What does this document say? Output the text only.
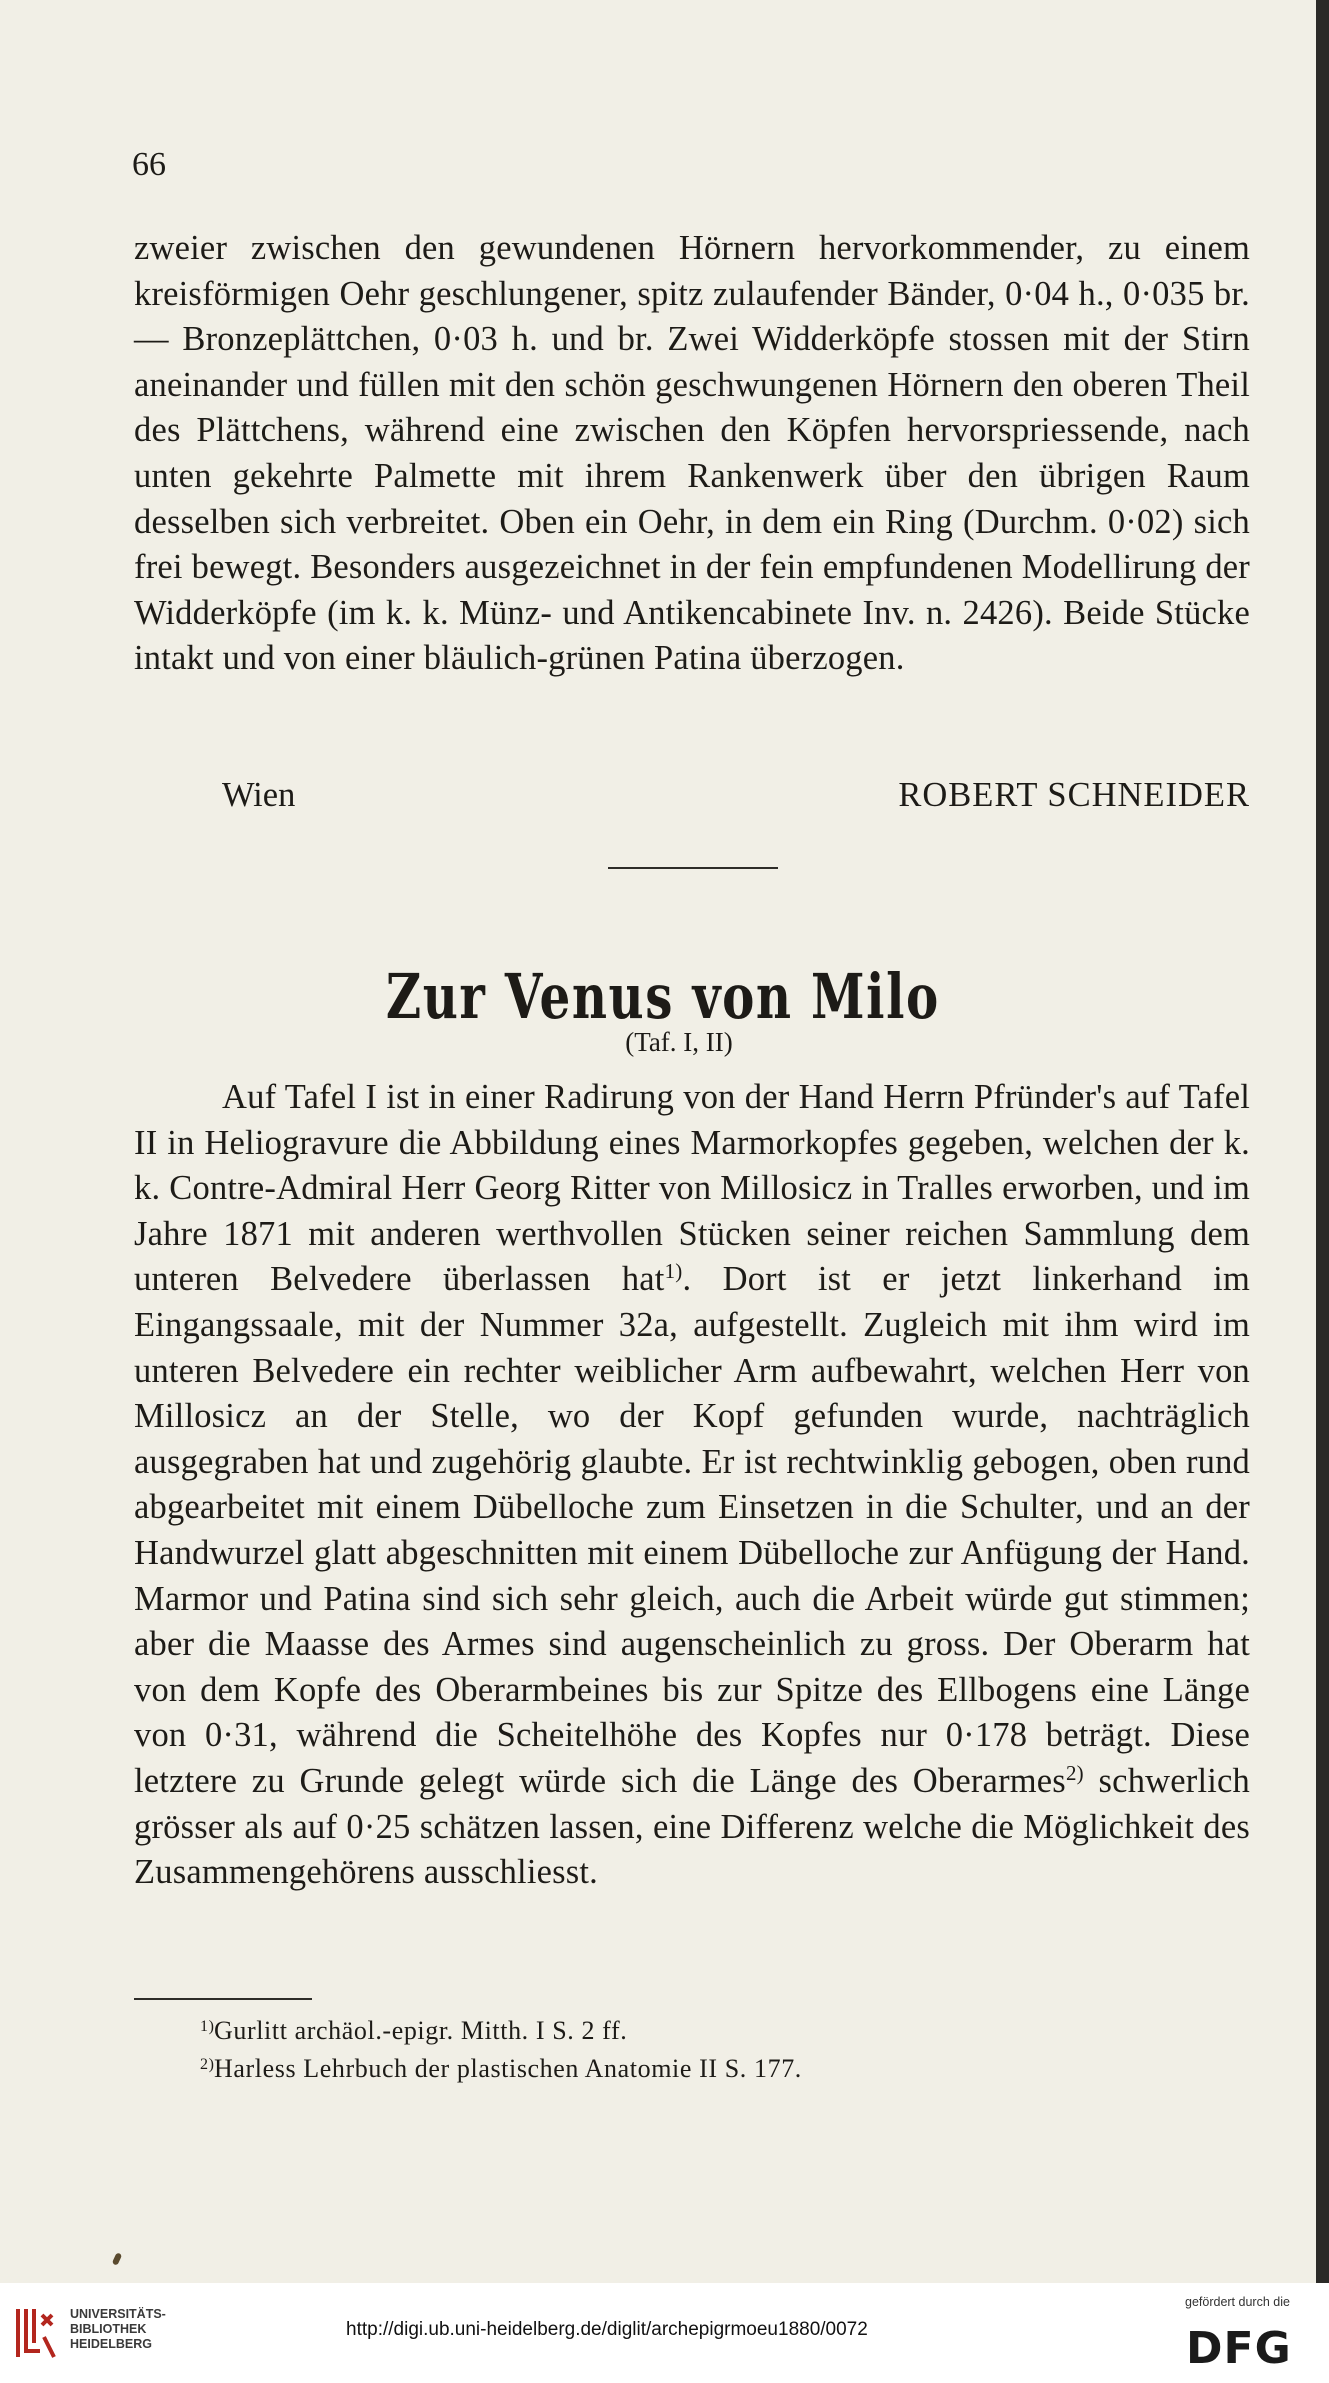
66

zweier zwischen den gewundenen Hörnern hervorkommender, zu einem kreisförmigen Oehr geschlungener, spitz zulaufender Bänder, 0·04 h., 0·035 br. — Bronzeplättchen, 0·03 h. und br. Zwei Widderköpfe stossen mit der Stirn aneinander und füllen mit den schön geschwungenen Hörnern den oberen Theil des Plättchens, während eine zwischen den Köpfen hervorspriessende, nach unten gekehrte Palmette mit ihrem Rankenwerk über den übrigen Raum desselben sich verbreitet. Oben ein Oehr, in dem ein Ring (Durchm. 0·02) sich frei bewegt. Besonders ausgezeichnet in der fein empfundenen Modellirung der Widderköpfe (im k. k. Münz- und Antikencabinete Inv. n. 2426). Beide Stücke intakt und von einer bläulich-grünen Patina überzogen.

Wien	ROBERT SCHNEIDER
Zur Venus von Milo
(Taf. I, II)

Auf Tafel I ist in einer Radirung von der Hand Herrn Pfründer's auf Tafel II in Heliogravure die Abbildung eines Marmorkopfes gegeben, welchen der k. k. Contre-Admiral Herr Georg Ritter von Millosicz in Tralles erworben, und im Jahre 1871 mit anderen werthvollen Stücken seiner reichen Sammlung dem unteren Belvedere überlassen hat$^{1)}$. Dort ist er jetzt linkerhand im Eingangssaale, mit der Nummer 32a, aufgestellt. Zugleich mit ihm wird im unteren Belvedere ein rechter weiblicher Arm aufbewahrt, welchen Herr von Millosicz an der Stelle, wo der Kopf gefunden wurde, nachträglich ausgegraben hat und zugehörig glaubte. Er ist rechtwinklig gebogen, oben rund abgearbeitet mit einem Dübelloche zum Einsetzen in die Schulter, und an der Handwurzel glatt abgeschnitten mit einem Dübelloche zur Anfügung der Hand. Marmor und Patina sind sich sehr gleich, auch die Arbeit würde gut stimmen; aber die Maasse des Armes sind augenscheinlich zu gross. Der Oberarm hat von dem Kopfe des Oberarmbeines bis zur Spitze des Ellbogens eine Länge von 0·31, während die Scheitelhöhe des Kopfes nur 0·178 beträgt. Diese letztere zu Grunde gelegt würde sich die Länge des Oberarmes$^{2)}$ schwerlich grösser als auf 0·25 schätzen lassen, eine Differenz welche die Möglichkeit des Zusammengehörens ausschliesst.

1) Gurlitt archäol.-epigr. Mitth. I S. 2 ff.
2) Harless Lehrbuch der plastischen Anatomie II S. 177.
UNIVERSITÄTS-
BIBLIOTHEK
HEIDELBERG
http://digi.ub.uni-heidelberg.de/diglit/archepigrmoeu1880/0072
gefördert durch die
DFG
